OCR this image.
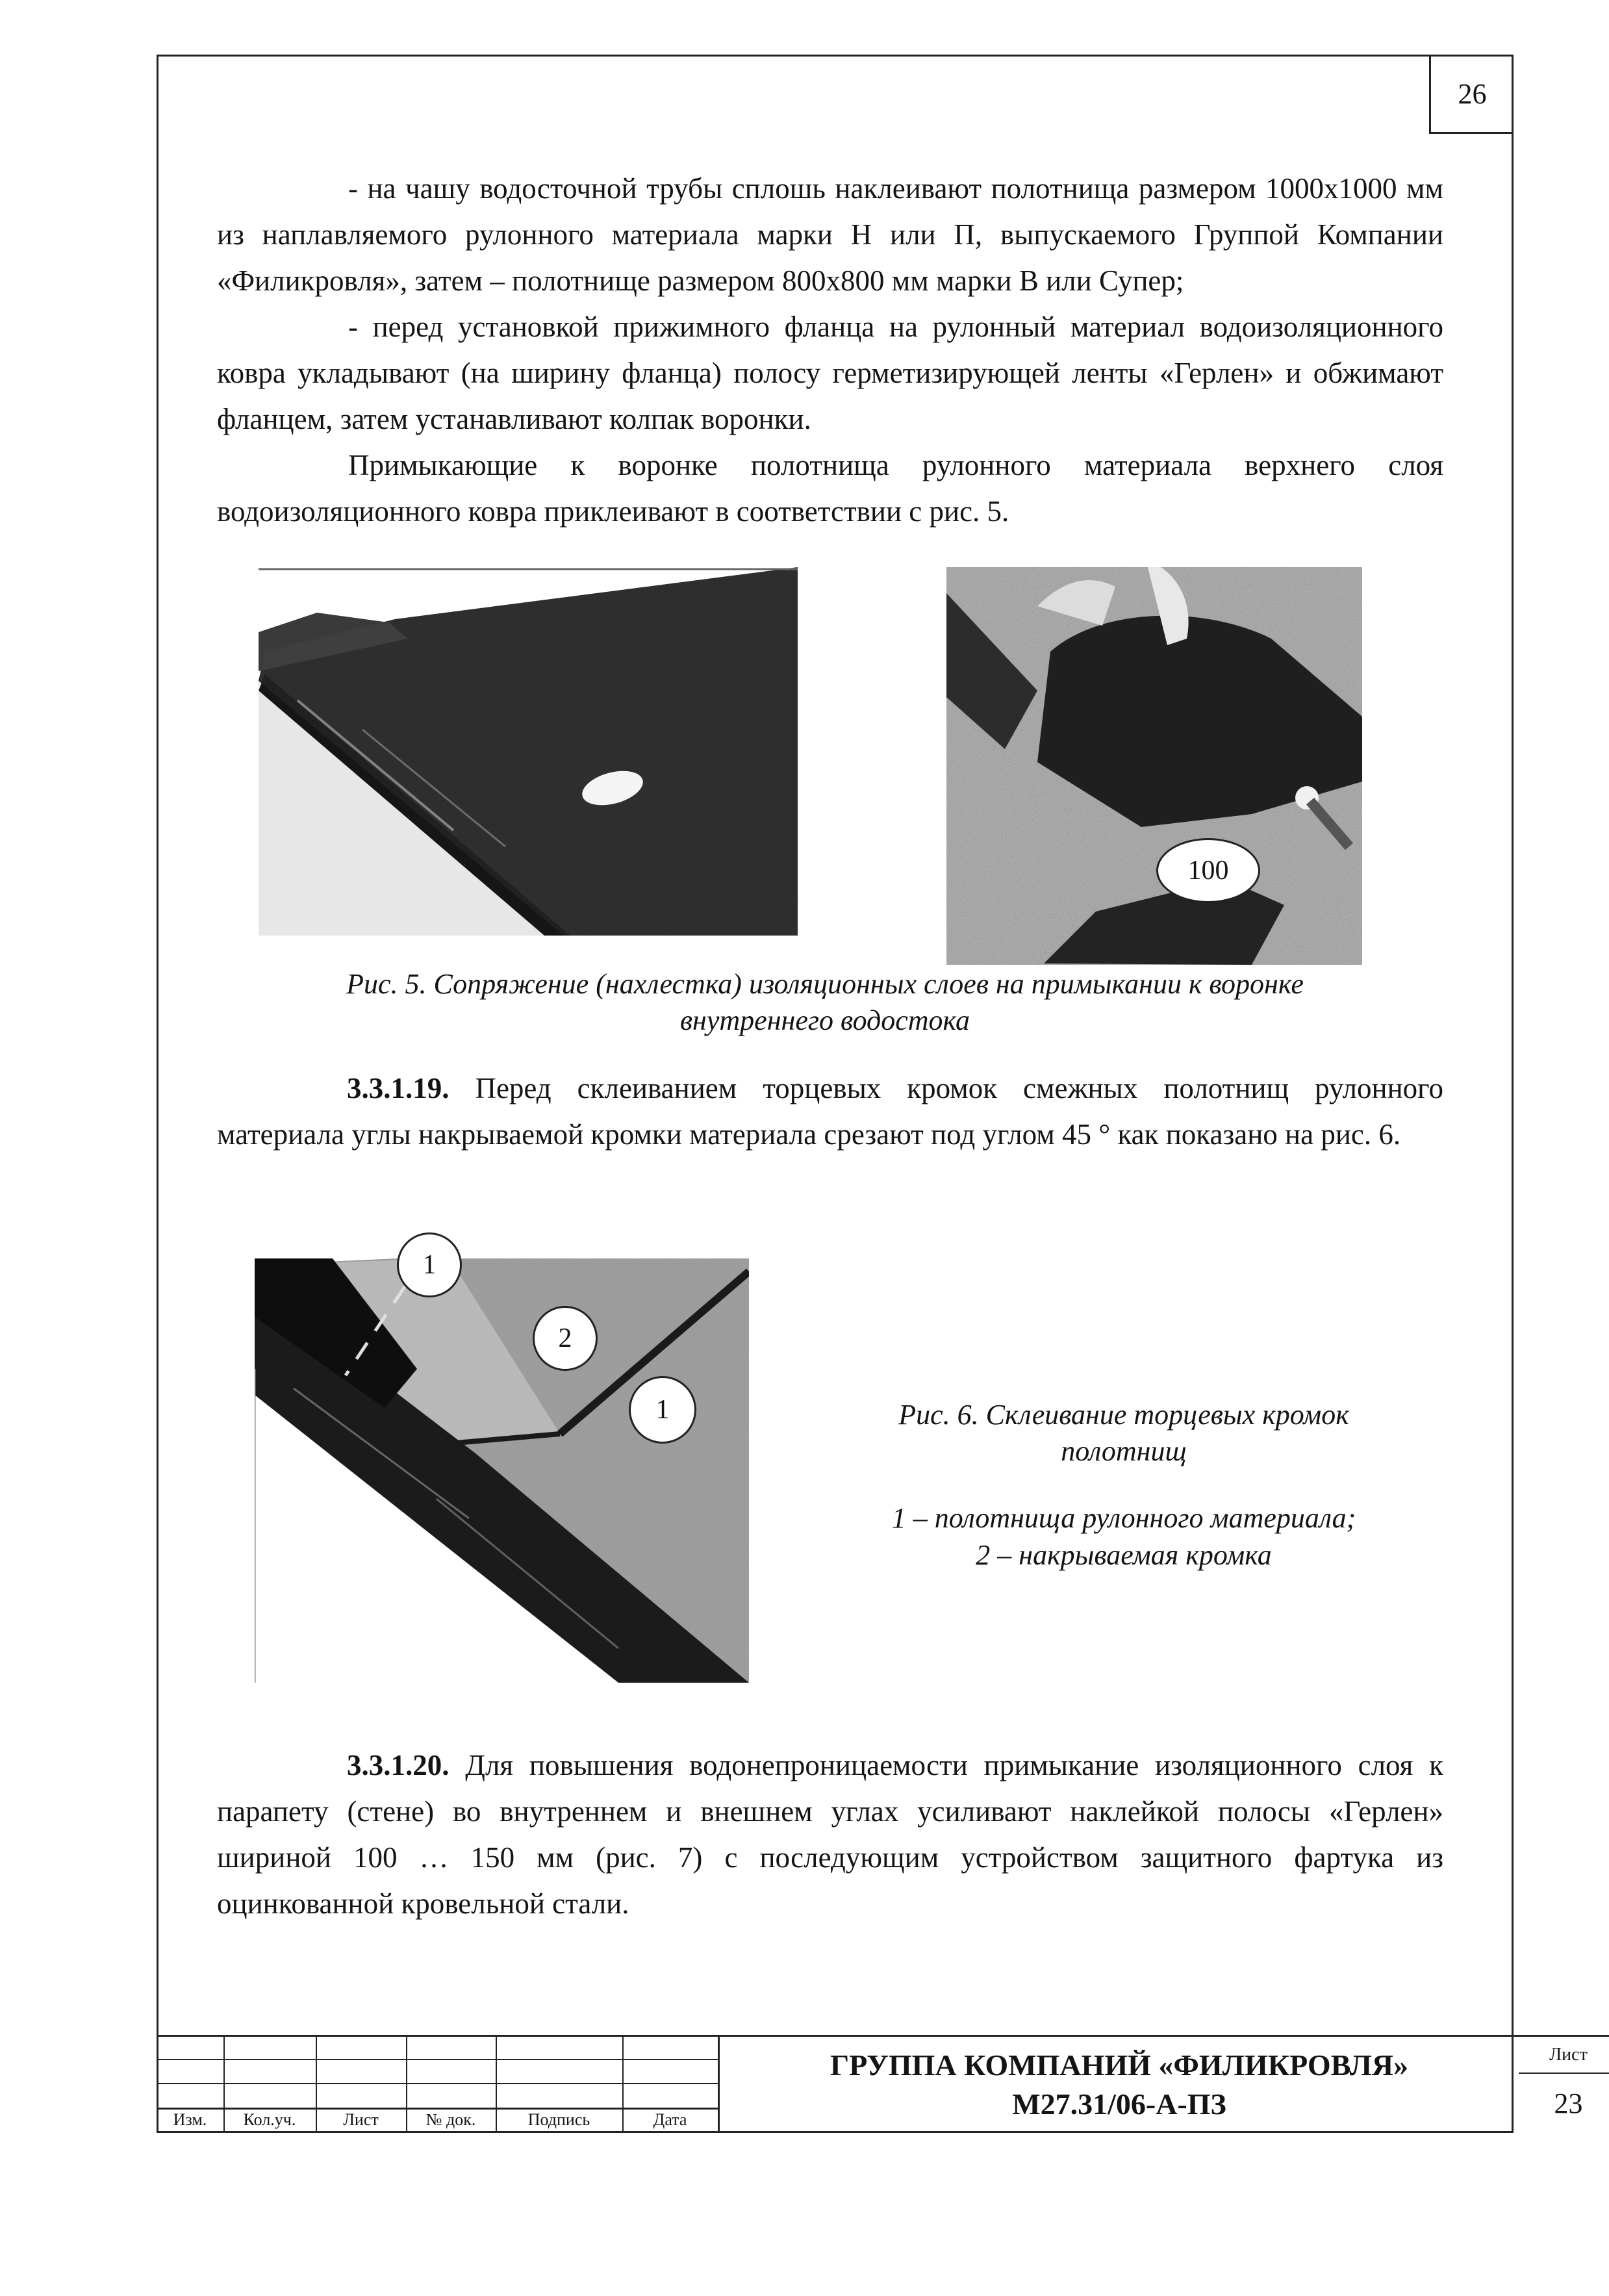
26

- на чашу водосточной трубы сплошь наклеивают полотнища размером 1000х1000 мм из наплавляемого рулонного материала марки Н или П, выпускаемого Группой Компании «Филикровля», затем – полотнище размером 800х800 мм марки В или Супер;

- перед установкой прижимного фланца на рулонный материал водоизоляционного ковра укладывают (на ширину фланца) полосу герметизирующей ленты «Герлен» и обжимают фланцем, затем устанавливают колпак воронки.

Примыкающие к воронке полотнища рулонного материала верхнего слоя водоизоляционного ковра приклеивают в соответствии с рис. 5.

100

Рис. 5. Сопряжение (нахлестка) изоляционных слоев на примыкании к воронке

внутреннего водостока

3.3.1.19. Перед склеиванием торцевых кромок смежных полотнищ рулонного материала углы накрываемой кромки материала срезают под углом 45 ° как показано на рис. 6.

1
2
1	Рис. 6. Склеивание торцевых кромок

полотнищ

1 – полотнища рулонного материала;

2 – накрываемая кромка

3.3.1.20. Для повышения водонепроницаемости примыкание изоляционного слоя к парапету (стене) во внутреннем и внешнем углах усиливают наклейкой полосы «Герлен» шириной 100 … 150 мм (рис. 7) с последующим устройством защитного фартука из оцинкованной кровельной стали.

Изм.	Кол.уч.	Лист	№ док.	Подпись	Дата
ГРУППА КОМПАНИЙ «ФИЛИКРОВЛЯ»
М27.31/06-А-ПЗ
Лист
23
